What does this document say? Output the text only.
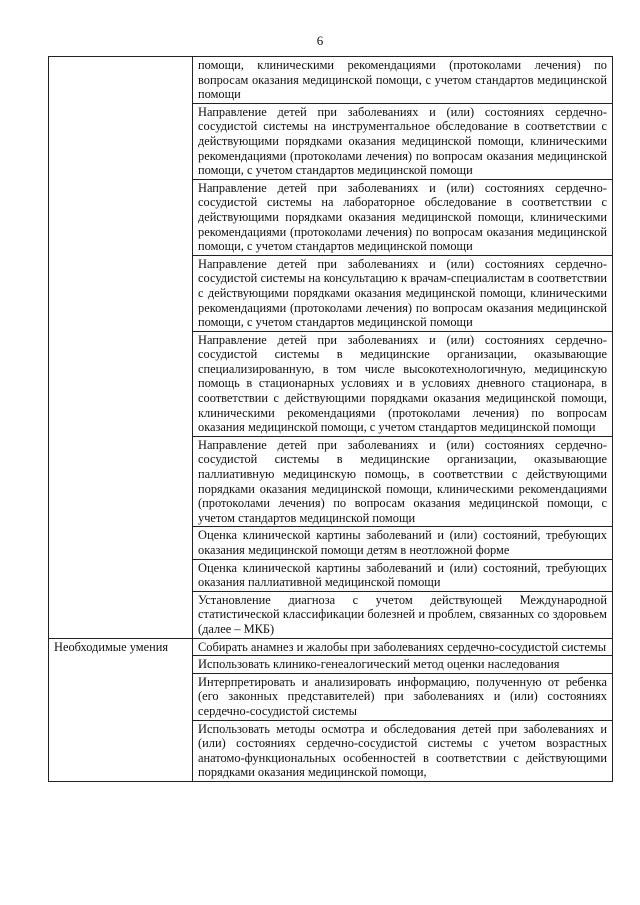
6
	помощи, клиническими рекомендациями (протоколами лечения) по вопросам оказания медицинской помощи, с учетом стандартов медицинской помощи
	Направление детей при заболеваниях и (или) состояниях сердечно-сосудистой системы на инструментальное обследование в соответствии с действующими порядками оказания медицинской помощи, клиническими рекомендациями (протоколами лечения) по вопросам оказания медицинской помощи, с учетом стандартов медицинской помощи
	Направление детей при заболеваниях и (или) состояниях сердечно-сосудистой системы на лабораторное обследование в соответствии с действующими порядками оказания медицинской помощи, клиническими рекомендациями (протоколами лечения) по вопросам оказания медицинской помощи, с учетом стандартов медицинской помощи
	Направление детей при заболеваниях и (или) состояниях сердечно-сосудистой системы на консультацию к врачам-специалистам в соответствии с действующими порядками оказания медицинской помощи, клиническими рекомендациями (протоколами лечения) по вопросам оказания медицинской помощи, с учетом стандартов медицинской помощи
	Направление детей при заболеваниях и (или) состояниях сердечно-сосудистой системы в медицинские организации, оказывающие специализированную, в том числе высокотехнологичную, медицинскую помощь в стационарных условиях и в условиях дневного стационара, в соответствии с действующими порядками оказания медицинской помощи, клиническими рекомендациями (протоколами лечения) по вопросам оказания медицинской помощи, с учетом стандартов медицинской помощи
	Направление детей при заболеваниях и (или) состояниях сердечно-сосудистой системы в медицинские организации, оказывающие паллиативную медицинскую помощь, в соответствии с действующими порядками оказания медицинской помощи, клиническими рекомендациями (протоколами лечения) по вопросам оказания медицинской помощи, с учетом стандартов медицинской помощи
	Оценка клинической картины заболеваний и (или) состояний, требующих оказания медицинской помощи детям в неотложной форме
	Оценка клинической картины заболеваний и (или) состояний, требующих оказания паллиативной медицинской помощи
	Установление диагноза с учетом действующей Международной статистической классификации болезней и проблем, связанных со здоровьем (далее – МКБ)
Необходимые умения	Собирать анамнез и жалобы при заболеваниях сердечно-сосудистой системы
	Использовать клинико-генеалогический метод оценки наследования
	Интерпретировать и анализировать информацию, полученную от ребенка (его законных представителей) при заболеваниях и (или) состояниях сердечно-сосудистой системы
	Использовать методы осмотра и обследования детей при заболеваниях и (или) состояниях сердечно-сосудистой системы с учетом возрастных анатомо-функциональных особенностей в соответствии с действующими порядками оказания медицинской помощи,
